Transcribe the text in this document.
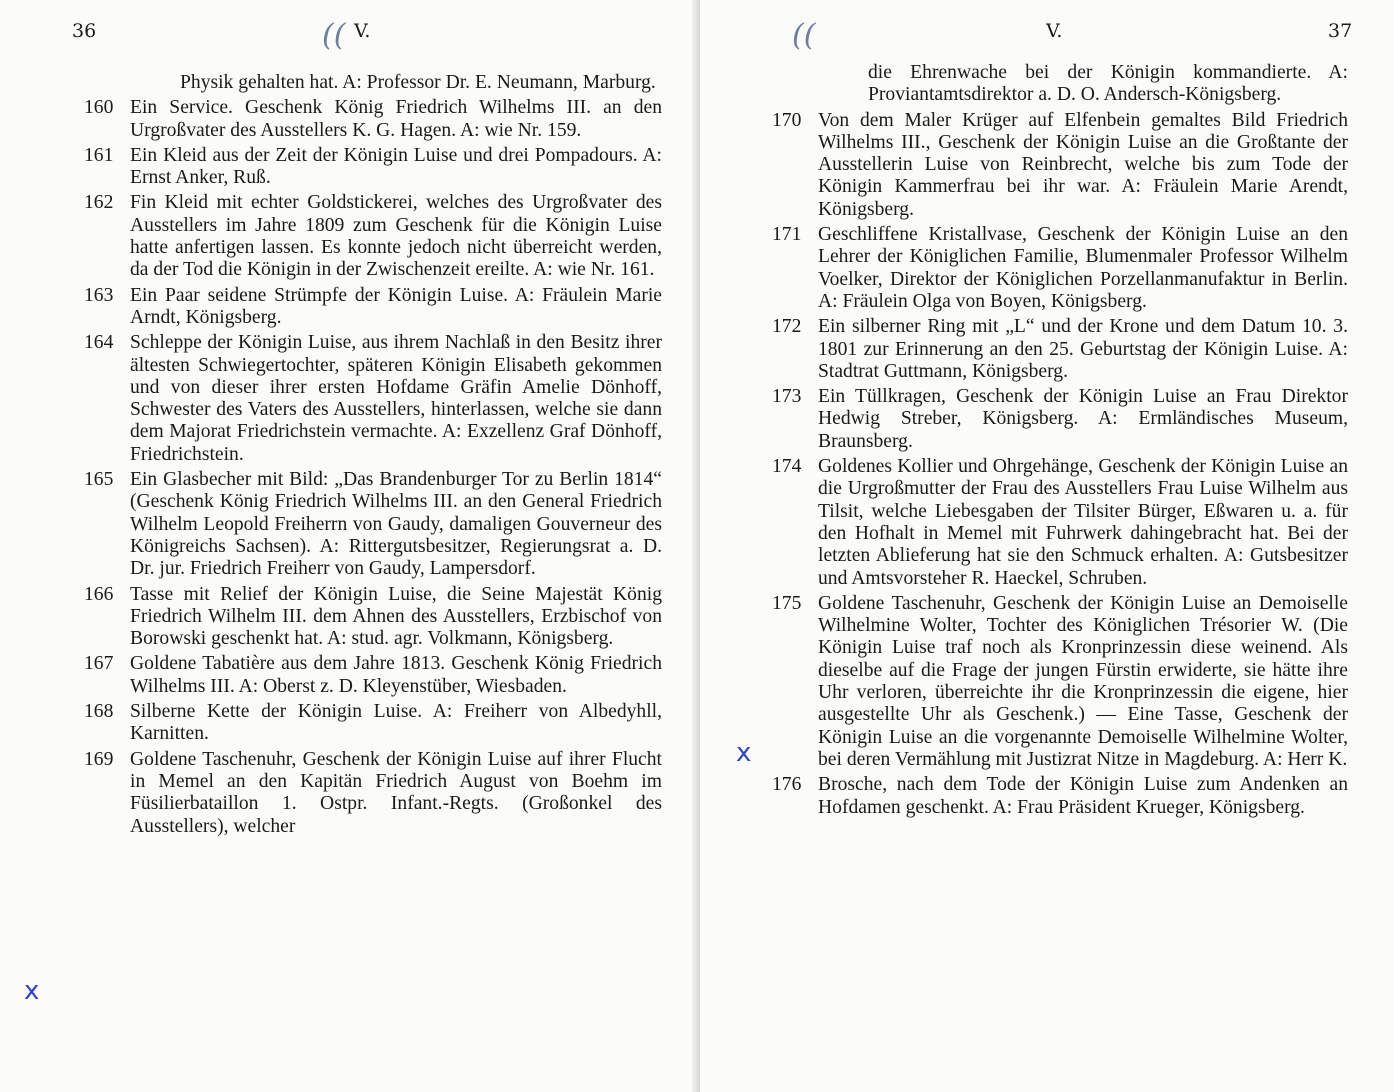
36	(( V.
Physik gehalten hat. A: Professor Dr. E. Neumann, Marburg.
160 Ein Service. Geschenk König Friedrich Wilhelms III. an den Urgroßvater des Ausstellers K. G. Hagen. A: wie Nr. 159.
161 Ein Kleid aus der Zeit der Königin Luise und drei Pompadours. A: Ernst Anker, Ruß.
162 Fin Kleid mit echter Goldstickerei, welches des Urgroßvater des Ausstellers im Jahre 1809 zum Geschenk für die Königin Luise hatte anfertigen lassen. Es konnte jedoch nicht überreicht werden, da der Tod die Königin in der Zwischenzeit ereilte. A: wie Nr. 161.
163 Ein Paar seidene Strümpfe der Königin Luise. A: Fräulein Marie Arndt, Königsberg.
164 Schleppe der Königin Luise, aus ihrem Nachlaß in den Besitz ihrer ältesten Schwiegertochter, späteren Königin Elisabeth gekommen und von dieser ihrer ersten Hofdame Gräfin Amelie Dönhoff, Schwester des Vaters des Ausstellers, hinterlassen, welche sie dann dem Majorat Friedrichstein vermachte. A: Exzellenz Graf Dönhoff, Friedrichstein.
165 Ein Glasbecher mit Bild: „Das Brandenburger Tor zu Berlin 1814“ (Geschenk König Friedrich Wilhelms III. an den General Friedrich Wilhelm Leopold Freiherrn von Gaudy, damaligen Gouverneur des Königreichs Sachsen). A: Rittergutsbesitzer, Regierungsrat a. D. Dr. jur. Friedrich Freiherr von Gaudy, Lampersdorf.
166 Tasse mit Relief der Königin Luise, die Seine Majestät König Friedrich Wilhelm III. dem Ahnen des Ausstellers, Erzbischof von Borowski geschenkt hat. A: stud. agr. Volkmann, Königsberg.
167 Goldene Tabatière aus dem Jahre 1813. Geschenk König Friedrich Wilhelms III. A: Oberst z. D. Kleyenstüber, Wiesbaden.
168 Silberne Kette der Königin Luise. A: Freiherr von Albedyhll, Karnitten.
169 Goldene Taschenuhr, Geschenk der Königin Luise auf ihrer Flucht in Memel an den Kapitän Friedrich August von Boehm im Füsilierbataillon 1. Ostpr. Infant.-Regts. (Großonkel des Ausstellers), welcher
x
((	V.	37
die Ehrenwache bei der Königin kommandierte. A: Proviantamtsdirektor a. D. O. Andersch-Königsberg.
170 Von dem Maler Krüger auf Elfenbein gemaltes Bild Friedrich Wilhelms III., Geschenk der Königin Luise an die Großtante der Ausstellerin Luise von Reinbrecht, welche bis zum Tode der Königin Kammerfrau bei ihr war. A: Fräulein Marie Arendt, Königsberg.
171 Geschliffene Kristallvase, Geschenk der Königin Luise an den Lehrer der Königlichen Familie, Blumenmaler Professor Wilhelm Voelker, Direktor der Königlichen Porzellanmanufaktur in Berlin. A: Fräulein Olga von Boyen, Königsberg.
172 Ein silberner Ring mit „L“ und der Krone und dem Datum 10. 3. 1801 zur Erinnerung an den 25. Geburtstag der Königin Luise. A: Stadtrat Guttmann, Königsberg.
173 Ein Tüllkragen, Geschenk der Königin Luise an Frau Direktor Hedwig Streber, Königsberg. A: Ermländisches Museum, Braunsberg.
174 Goldenes Kollier und Ohrgehänge, Geschenk der Königin Luise an die Urgroßmutter der Frau des Ausstellers Frau Luise Wilhelm aus Tilsit, welche Liebesgaben der Tilsiter Bürger, Eßwaren u. a. für den Hofhalt in Memel mit Fuhrwerk dahingebracht hat. Bei der letzten Ablieferung hat sie den Schmuck erhalten. A: Gutsbesitzer und Amtsvorsteher R. Haeckel, Schruben.
175 Goldene Taschenuhr, Geschenk der Königin Luise an Demoiselle Wilhelmine Wolter, Tochter des Königlichen Trésorier W. (Die Königin Luise traf noch als Kronprinzessin diese weinend. Als dieselbe auf die Frage der jungen Fürstin erwiderte, sie hätte ihre Uhr verloren, überreichte ihr die Kronprinzessin die eigene, hier ausgestellte Uhr als Geschenk.) — Eine Tasse, Geschenk der Königin Luise an die vorgenannte Demoiselle Wilhelmine Wolter, bei deren Vermählung mit Justizrat Nitze in Magdeburg. A: Herr K.
176 Brosche, nach dem Tode der Königin Luise zum Andenken an Hofdamen geschenkt. A: Frau Präsident Krueger, Königsberg.
x
